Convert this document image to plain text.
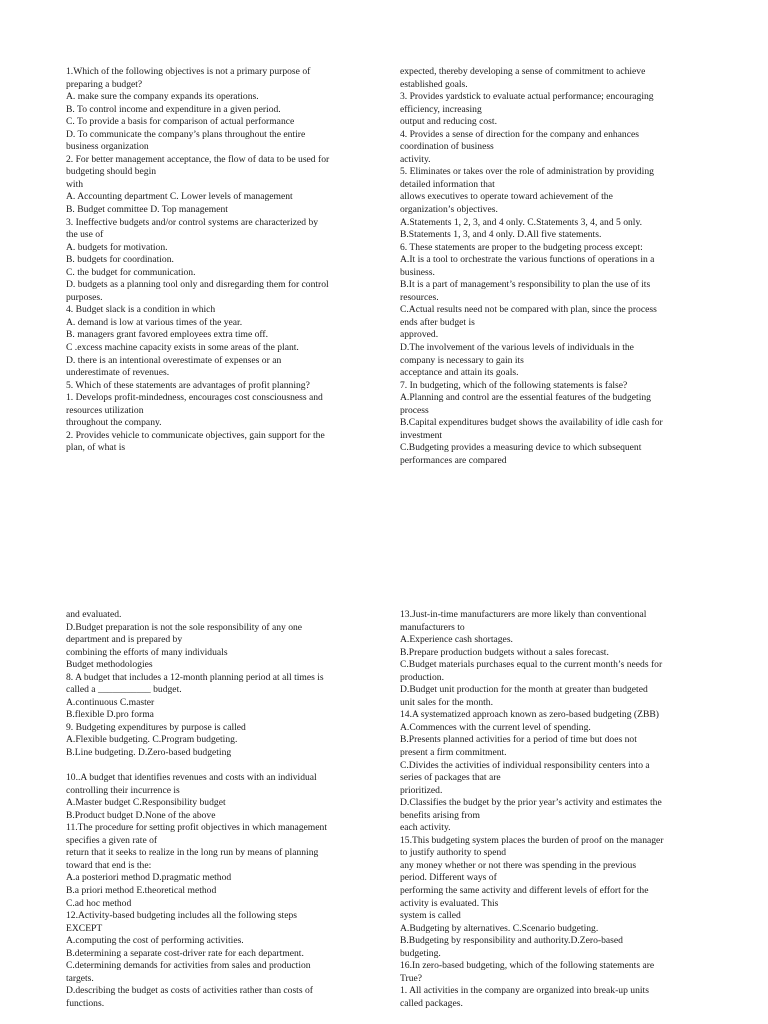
1.Which of the following objectives is not a primary purpose of
preparing a budget?
A. make sure the company expands its operations.
B. To control income and expenditure in a given period.
C. To provide a basis for comparison of actual performance
D. To communicate the company’s plans throughout the entire
business organization
2. For better management acceptance, the flow of data to be used for
budgeting should begin
with
A. Accounting department C. Lower levels of management
B. Budget committee D. Top management
3. Ineffective budgets and/or control systems are characterized by
the use of
A. budgets for motivation.
B. budgets for coordination.
C. the budget for communication.
D. budgets as a planning tool only and disregarding them for control
purposes.
4. Budget slack is a condition in which
A. demand is low at various times of the year.
B. managers grant favored employees extra time off.
C .excess machine capacity exists in some areas of the plant.
D. there is an intentional overestimate of expenses or an
underestimate of revenues.
5. Which of these statements are advantages of profit planning?
1. Develops profit-mindedness, encourages cost consciousness and
resources utilization
throughout the company.
2. Provides vehicle to communicate objectives, gain support for the
plan, of what is
expected, thereby developing a sense of commitment to achieve
established goals.
3. Provides yardstick to evaluate actual performance; encouraging
efficiency, increasing
output and reducing cost.
4. Provides a sense of direction for the company and enhances
coordination of business
activity.
5. Eliminates or takes over the role of administration by providing
detailed information that
allows executives to operate toward achievement of the
organization’s objectives.
A.Statements 1, 2, 3, and 4 only. C.Statements 3, 4, and 5 only.
B.Statements 1, 3, and 4 only. D.All five statements.
6. These statements are proper to the budgeting process except:
A.It is a tool to orchestrate the various functions of operations in a
business.
B.It is a part of management’s responsibility to plan the use of its
resources.
C.Actual results need not be compared with plan, since the process
ends after budget is
approved.
D.The involvement of the various levels of individuals in the
company is necessary to gain its
acceptance and attain its goals.
7. In budgeting, which of the following statements is false?
A.Planning and control are the essential features of the budgeting
process
B.Capital expenditures budget shows the availability of idle cash for
investment
C.Budgeting provides a measuring device to which subsequent
performances are compared
and evaluated.
D.Budget preparation is not the sole responsibility of any one
department and is prepared by
combining the efforts of many individuals
Budget methodologies
8. A budget that includes a 12-month planning period at all times is
called a ___________ budget.
A.continuous C.master
B.flexible D.pro forma
9. Budgeting expenditures by purpose is called
A.Flexible budgeting. C.Program budgeting.
B.Line budgeting. D.Zero-based budgeting

10..A budget that identifies revenues and costs with an individual
controlling their incurrence is
A.Master budget C.Responsibility budget
B.Product budget D.None of the above
11.The procedure for setting profit objectives in which management
specifies a given rate of
return that it seeks to realize in the long run by means of planning
toward that end is the:
A.a posteriori method D.pragmatic method
B.a priori method E.theoretical method
C.ad hoc method
12.Activity-based budgeting includes all the following steps
EXCEPT
A.computing the cost of performing activities.
B.determining a separate cost-driver rate for each department.
C.determining demands for activities from sales and production
targets.
D.describing the budget as costs of activities rather than costs of
functions.
13.Just-in-time manufacturers are more likely than conventional
manufacturers to
A.Experience cash shortages.
B.Prepare production budgets without a sales forecast.
C.Budget materials purchases equal to the current month’s needs for
production.
D.Budget unit production for the month at greater than budgeted
unit sales for the month.
14.A systematized approach known as zero-based budgeting (ZBB)
A.Commences with the current level of spending.
B.Presents planned activities for a period of time but does not
present a firm commitment.
C.Divides the activities of individual responsibility centers into a
series of packages that are
prioritized.
D.Classifies the budget by the prior year’s activity and estimates the
benefits arising from
each activity.
15.This budgeting system places the burden of proof on the manager
to justify authority to spend
any money whether or not there was spending in the previous
period. Different ways of
performing the same activity and different levels of effort for the
activity is evaluated. This
system is called
A.Budgeting by alternatives. C.Scenario budgeting.
B.Budgeting by responsibility and authority.D.Zero-based
budgeting.
16.In zero-based budgeting, which of the following statements are
True?
1. All activities in the company are organized into break-up units
called packages.
